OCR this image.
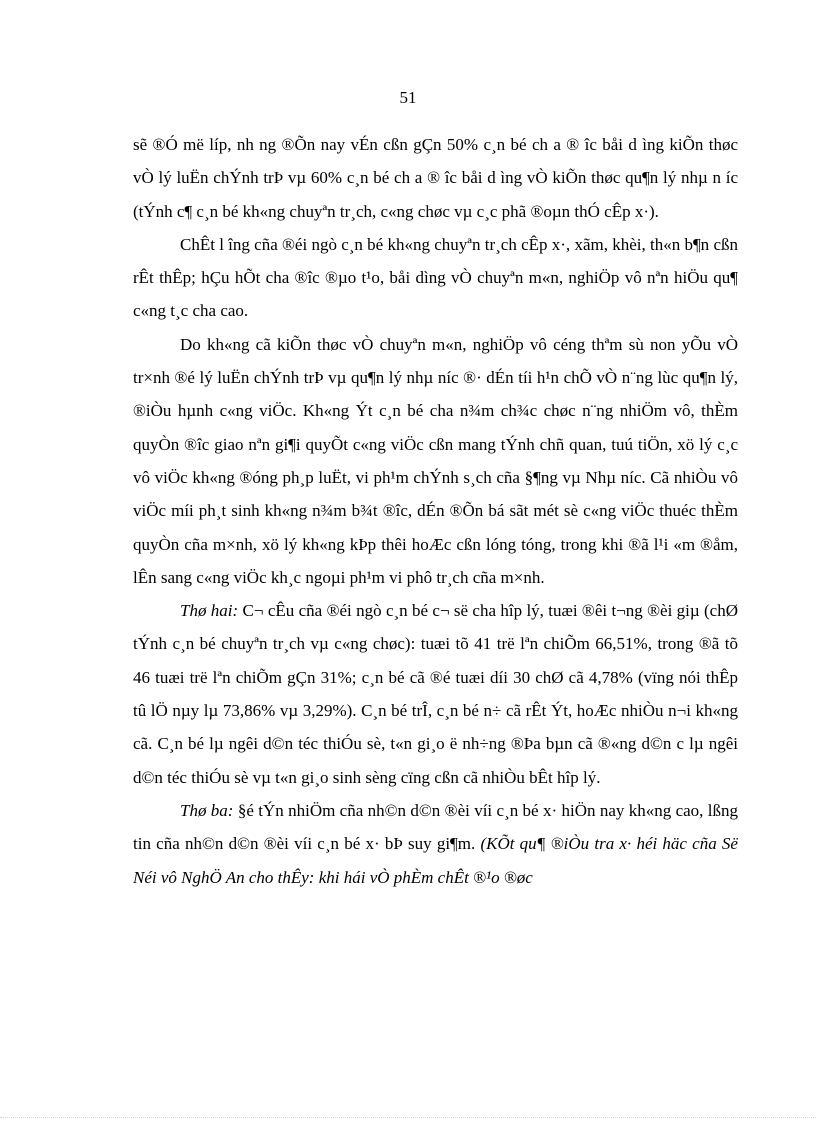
51

sẽ ®Ó më líp, nh ng ®Õn nay vÉn cßn gÇn 50% c¸n bé ch a ® îc båi d ìng kiÕn thøc vÒ lý luËn chÝnh trÞ vµ 60% c¸n bé ch a ® îc båi d ìng vÒ kiÕn thøc qu¶n lý nhµ n íc (tÝnh c¶ c¸n bé kh«ng chuyªn tr¸ch, c«ng chøc vµ c¸c phã ®oµn thÓ cÊp x·).

ChÊt l îng cña ®éi ngò c¸n bé kh«ng chuyªn tr¸ch cÊp x·, xãm, khèi, th«n b¶n cßn rÊt thÊp; hÇu hÕt cha ®îc ®µo t¹o, båi dìng vÒ chuyªn m«n, nghiÖp vô nªn hiÖu qu¶ c«ng t¸c cha cao.

Do kh«ng cã kiÕn thøc vÒ chuyªn m«n, nghiÖp vô céng thªm sù non yÕu vÒ tr×nh ®é lý luËn chÝnh trÞ vµ qu¶n lý nhµ níc ®· dÉn tíi h¹n chÕ vÒ n¨ng lùc qu¶n lý, ®iÒu hµnh c«ng viÖc. Kh«ng Ýt c¸n bé cha n¾m ch¾c chøc n¨ng nhiÖm vô, thÈm quyÒn ®îc giao nªn gi¶i quyÕt c«ng viÖc cßn mang tÝnh chñ quan, tuú tiÖn, xö lý c¸c vô viÖc kh«ng ®óng ph¸p luËt, vi ph¹m chÝnh s¸ch cña §¶ng vµ Nhµ níc. Cã nhiÒu vô viÖc míi ph¸t sinh kh«ng n¾m b¾t ®îc, dÉn ®Õn bá sãt mét sè c«ng viÖc thuéc thÈm quyÒn cña m×nh, xö lý kh«ng kÞp thêi hoÆc cßn lóng tóng, trong khi ®ã l¹i «m ®åm, lÊn sang c«ng viÖc kh¸c ngoµi ph¹m vi phô tr¸ch cña m×nh.

Thø hai: C¬ cÊu cña ®éi ngò c¸n bé c¬ së cha hîp lý, tuæi ®êi t¬ng ®èi giµ (chØ tÝnh c¸n bé chuyªn tr¸ch vµ c«ng chøc): tuæi tõ 41 trë lªn chiÕm 66,51%, trong ®ã tõ 46 tuæi trë lªn chiÕm gÇn 31%; c¸n bé cã ®é tuæi díi 30 chØ cã 4,78% (vïng nói thÊp tû lÖ nµy lµ 73,86% vµ 3,29%). C¸n bé trÎ, c¸n bé n÷ cã rÊt Ýt, hoÆc nhiÒu n¬i kh«ng cã. C¸n bé lµ ngêi d©n téc thiÓu sè, t«n gi¸o ë nh÷ng ®Þa bµn cã ®«ng d©n c lµ ngêi d©n téc thiÓu sè vµ t«n gi¸o sinh sèng cïng cßn cã nhiÒu bÊt hîp lý.

Thø ba: §é tÝn nhiÖm cña nh©n d©n ®èi víi c¸n bé x· hiÖn nay kh«ng cao, lßng tin cña nh©n d©n ®èi víi c¸n bé x· bÞ suy gi¶m. (KÕt qu¶ ®iÒu tra x· héi häc cña Së Néi vô NghÖ An cho thÊy: khi hái vÒ phÈm chÊt ®¹o ®øc
